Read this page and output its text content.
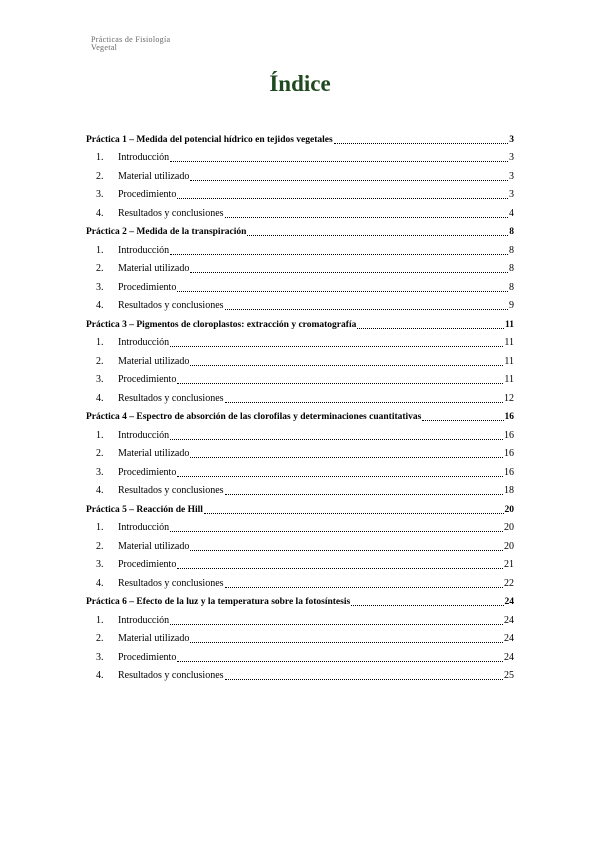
Prácticas de Fisiología
Vegetal
Índice
Práctica 1 – Medida del potencial hídrico en tejidos vegetales	3
1.	Introducción	3
2.	Material utilizado	3
3.	Procedimiento	3
4.	Resultados y conclusiones	4
Práctica 2 – Medida de la transpiración	8
1.	Introducción	8
2.	Material utilizado	8
3.	Procedimiento	8
4.	Resultados y conclusiones	9
Práctica 3 – Pigmentos de cloroplastos: extracción y cromatografía	11
1.	Introducción	11
2.	Material utilizado	11
3.	Procedimiento	11
4.	Resultados y conclusiones	12
Práctica 4 – Espectro de absorción de las clorofilas y determinaciones cuantitativas	16
1.	Introducción	16
2.	Material utilizado	16
3.	Procedimiento	16
4.	Resultados y conclusiones	18
Práctica 5 – Reacción de Hill	20
1.	Introducción	20
2.	Material utilizado	20
3.	Procedimiento	21
4.	Resultados y conclusiones	22
Práctica 6 – Efecto de la luz y la temperatura sobre la fotosíntesis	24
1.	Introducción	24
2.	Material utilizado	24
3.	Procedimiento	24
4.	Resultados y conclusiones	25
